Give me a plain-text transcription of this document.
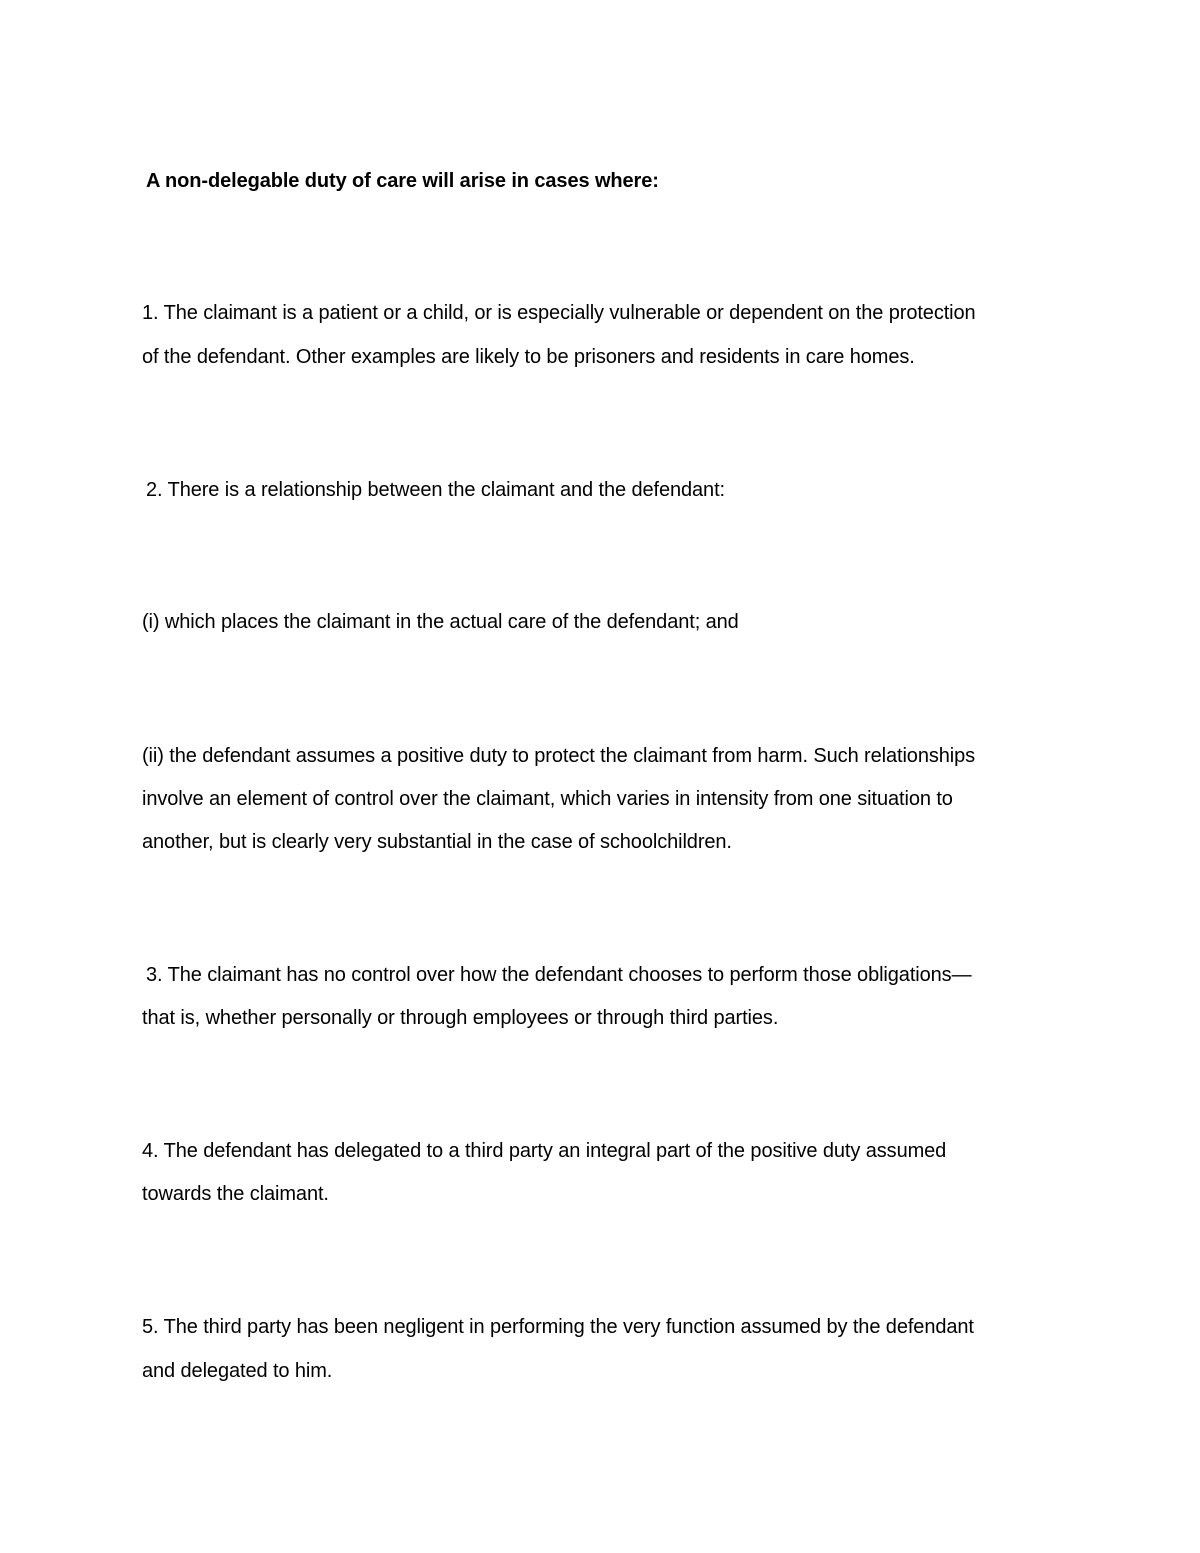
A non-delegable duty of care will arise in cases where:
1. The claimant is a patient or a child, or is especially vulnerable or dependent on the protection
of the defendant. Other examples are likely to be prisoners and residents in care homes.
2. There is a relationship between the claimant and the defendant:
(i) which places the claimant in the actual care of the defendant; and
(ii) the defendant assumes a positive duty to protect the claimant from harm. Such relationships
involve an element of control over the claimant, which varies in intensity from one situation to
another, but is clearly very substantial in the case of schoolchildren.
3. The claimant has no control over how the defendant chooses to perform those obligations—
that is, whether personally or through employees or through third parties.
4. The defendant has delegated to a third party an integral part of the positive duty assumed
towards the claimant.
5. The third party has been negligent in performing the very function assumed by the defendant
and delegated to him.
